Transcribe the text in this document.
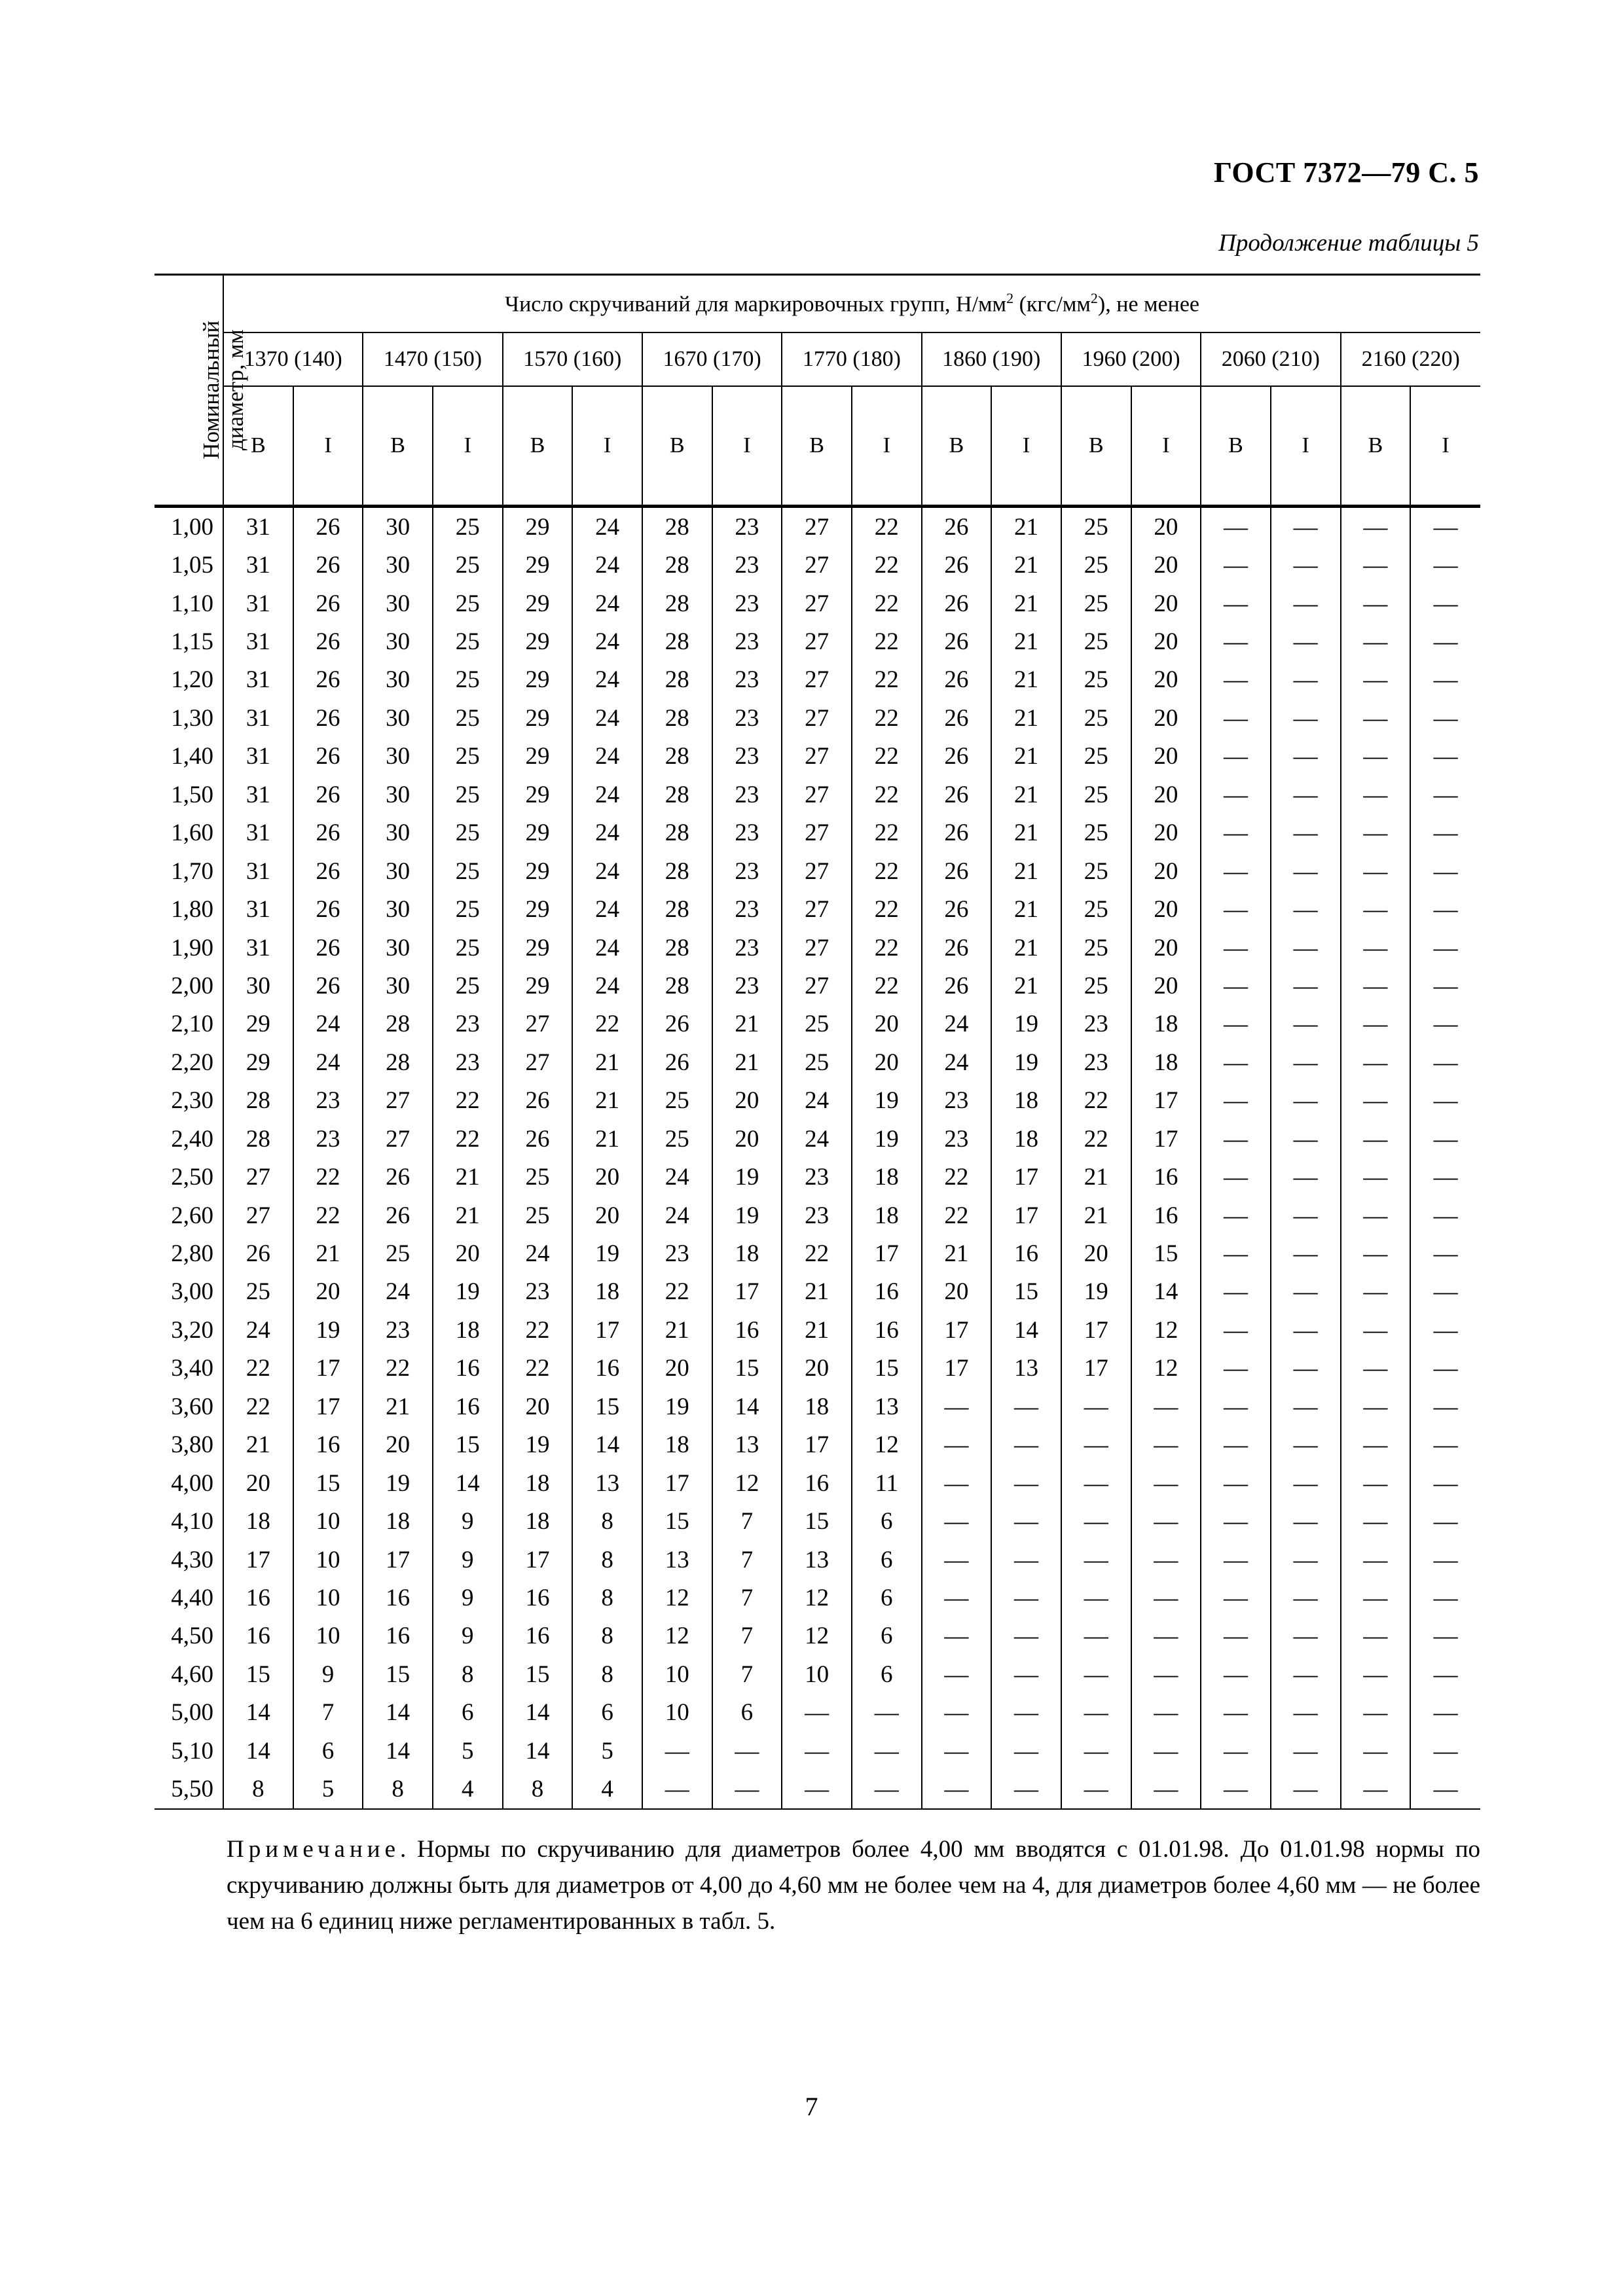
ГОСТ 7372—79 С. 5
Продолжение таблицы 5
Номинальный
диаметр, мм	Число скручиваний для маркировочных групп, $Н/мм^2$ $(кгс/мм^2)$, не менее																	
	1370 (140)		1470 (150)		1570 (160)		1670 (170)		1770 (180)		1860 (190)		1960 (200)		2060 (210)		2160 (220)	
	В	I	В	I	В	I	В	I	В	I	В	I	В	I	В	I	В	I
1,00	31	26	30	25	29	24	28	23	27	22	26	21	25	20	—	—	—	—
1,05	31	26	30	25	29	24	28	23	27	22	26	21	25	20	—	—	—	—
1,10	31	26	30	25	29	24	28	23	27	22	26	21	25	20	—	—	—	—
1,15	31	26	30	25	29	24	28	23	27	22	26	21	25	20	—	—	—	—
1,20	31	26	30	25	29	24	28	23	27	22	26	21	25	20	—	—	—	—
1,30	31	26	30	25	29	24	28	23	27	22	26	21	25	20	—	—	—	—
1,40	31	26	30	25	29	24	28	23	27	22	26	21	25	20	—	—	—	—
1,50	31	26	30	25	29	24	28	23	27	22	26	21	25	20	—	—	—	—
1,60	31	26	30	25	29	24	28	23	27	22	26	21	25	20	—	—	—	—
1,70	31	26	30	25	29	24	28	23	27	22	26	21	25	20	—	—	—	—
1,80	31	26	30	25	29	24	28	23	27	22	26	21	25	20	—	—	—	—
1,90	31	26	30	25	29	24	28	23	27	22	26	21	25	20	—	—	—	—
2,00	30	26	30	25	29	24	28	23	27	22	26	21	25	20	—	—	—	—
2,10	29	24	28	23	27	22	26	21	25	20	24	19	23	18	—	—	—	—
2,20	29	24	28	23	27	21	26	21	25	20	24	19	23	18	—	—	—	—
2,30	28	23	27	22	26	21	25	20	24	19	23	18	22	17	—	—	—	—
2,40	28	23	27	22	26	21	25	20	24	19	23	18	22	17	—	—	—	—
2,50	27	22	26	21	25	20	24	19	23	18	22	17	21	16	—	—	—	—
2,60	27	22	26	21	25	20	24	19	23	18	22	17	21	16	—	—	—	—
2,80	26	21	25	20	24	19	23	18	22	17	21	16	20	15	—	—	—	—
3,00	25	20	24	19	23	18	22	17	21	16	20	15	19	14	—	—	—	—
3,20	24	19	23	18	22	17	21	16	21	16	17	14	17	12	—	—	—	—
3,40	22	17	22	16	22	16	20	15	20	15	17	13	17	12	—	—	—	—
3,60	22	17	21	16	20	15	19	14	18	13	—	—	—	—	—	—	—	—
3,80	21	16	20	15	19	14	18	13	17	12	—	—	—	—	—	—	—	—
4,00	20	15	19	14	18	13	17	12	16	11	—	—	—	—	—	—	—	—
4,10	18	10	18	9	18	8	15	7	15	6	—	—	—	—	—	—	—	—
4,30	17	10	17	9	17	8	13	7	13	6	—	—	—	—	—	—	—	—
4,40	16	10	16	9	16	8	12	7	12	6	—	—	—	—	—	—	—	—
4,50	16	10	16	9	16	8	12	7	12	6	—	—	—	—	—	—	—	—
4,60	15	9	15	8	15	8	10	7	10	6	—	—	—	—	—	—	—	—
5,00	14	7	14	6	14	6	10	6	—	—	—	—	—	—	—	—	—	—
5,10	14	6	14	5	14	5	—	—	—	—	—	—	—	—	—	—	—	—
5,50	8	5	8	4	8	4	—	—	—	—	—	—	—	—	—	—	—	—

Примечание. Нормы по скручиванию для диаметров более 4,00 мм вводятся с 01.01.98. До 01.01.98 нормы по скручиванию должны быть для диаметров от 4,00 до 4,60 мм не более чем на 4, для диаметров более 4,60 мм — не более чем на 6 единиц ниже регламентированных в табл. 5.

7
